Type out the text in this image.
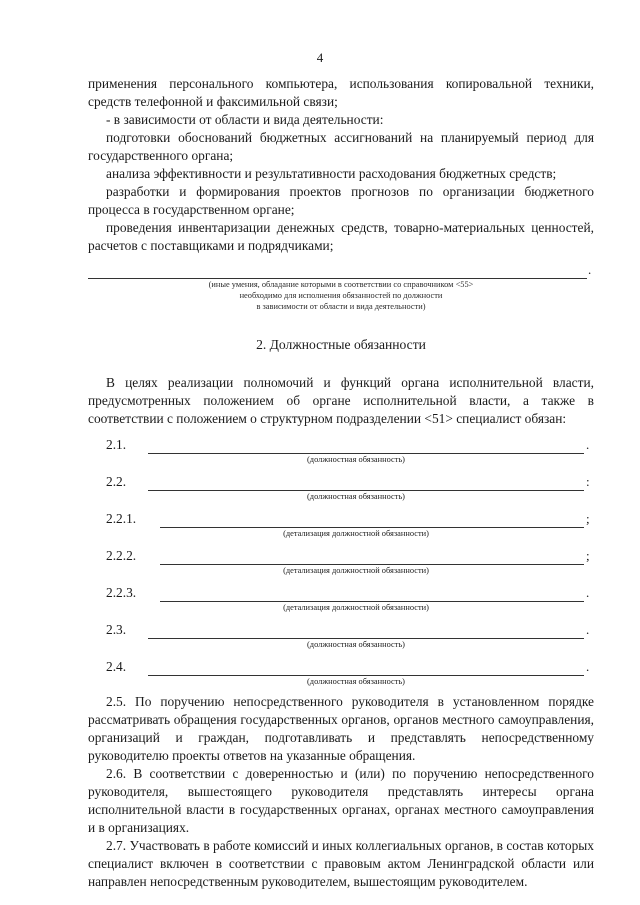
4

применения персонального компьютера, использования копировальной техники, средств телефонной и факсимильной связи;

- в зависимости от области и вида деятельности:

подготовки обоснований бюджетных ассигнований на планируемый период для государственного органа;

анализа эффективности и результативности расходования бюджетных средств;

разработки и формирования проектов прогнозов по организации бюджетного процесса в государственном органе;

проведения инвентаризации денежных средств, товарно-материальных ценностей, расчетов с поставщиками и подрядчиками;

.

(иные умения, обладание которыми в соответствии со справочником <55>

необходимо для исполнения обязанностей по должности

в зависимости от области и вида деятельности)

2. Должностные обязанности

В целях реализации полномочий и функций органа исполнительной власти, предусмотренных положением об органе исполнительной власти, а также в соответствии с положением о структурном подразделении <51> специалист обязан:

2.1.	.

(должностная обязанность)

2.2.	:

(должностная обязанность)

2.2.1.	;

(детализация должностной обязанности)

2.2.2.	;

(детализация должностной обязанности)

2.2.3.	.

(детализация должностной обязанности)

2.3.	.

(должностная обязанность)

2.4.	.

(должностная обязанность)

2.5. По поручению непосредственного руководителя в установленном порядке рассматривать обращения государственных органов, органов местного самоуправления, организаций и граждан, подготавливать и представлять непосредственному руководителю проекты ответов на указанные обращения.

2.6. В соответствии с доверенностью и (или) по поручению непосредственного руководителя, вышестоящего руководителя представлять интересы органа исполнительной власти в государственных органах, органах местного самоуправления и в организациях.

2.7. Участвовать в работе комиссий и иных коллегиальных органов, в состав которых специалист включен в соответствии с правовым актом Ленинградской области или направлен непосредственным руководителем, вышестоящим руководителем.
